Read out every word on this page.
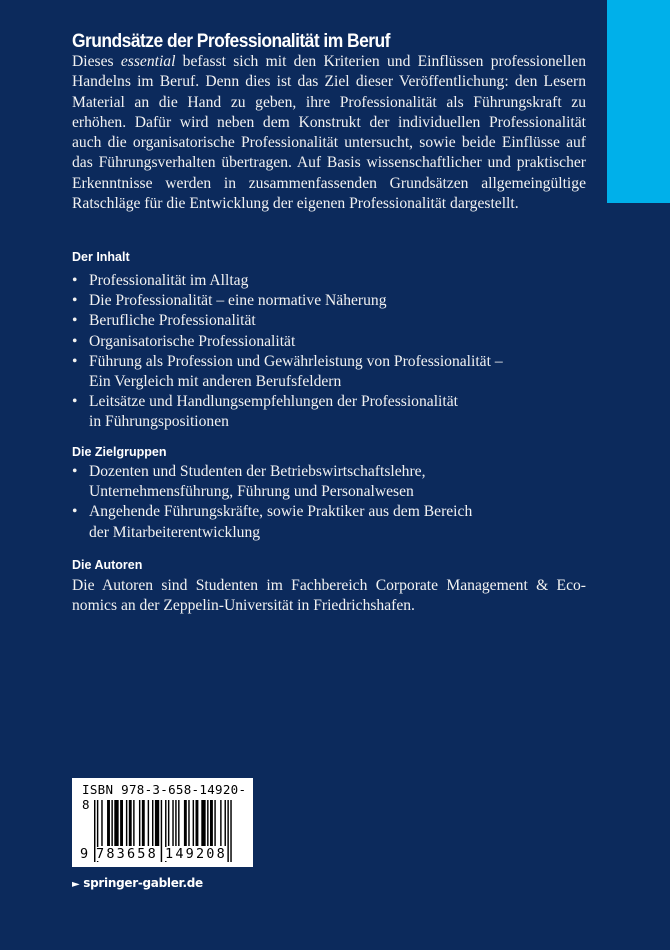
Grundsätze der Professionalität im Beruf
Dieses essential befasst sich mit den Kriterien und Einflüssen professionellen
Handelns im Beruf. Denn dies ist das Ziel dieser Veröffentlichung: den Lesern
Material an die Hand zu geben, ihre Professionalität als Führungskraft zu
erhöhen. Dafür wird neben dem Konstrukt der individuellen Professionalität
auch die organisatorische Professionalität untersucht, sowie beide Einflüsse auf
das Führungsverhalten übertragen. Auf Basis wissenschaftlicher und praktischer
Erkenntnisse werden in zusammenfassenden Grundsätzen allgemeingültige
Ratschläge für die Entwicklung der eigenen Professionalität dargestellt.
Der Inhalt
• Professionalität im Alltag
• Die Professionalität – eine normative Näherung
• Berufliche Professionalität
• Organisatorische Professionalität
• Führung als Profession und Gewährleistung von Professionalität –
Ein Vergleich mit anderen Berufsfeldern
• Leitsätze und Handlungsempfehlungen der Professionalität
in Führungspositionen
Die Zielgruppen
• Dozenten und Studenten der Betriebswirtschaftslehre,
Unternehmensführung, Führung und Personalwesen
• Angehende Führungskräfte, sowie Praktiker aus dem Bereich
der Mitarbeiterentwicklung
Die Autoren
Die Autoren sind Studenten im Fachbereich Corporate Management & Eco-
nomics an der Zeppelin-Universität in Friedrichshafen.
ISBN 978-3-658-14920-8
9 783658 149208
► springer-gabler.de
